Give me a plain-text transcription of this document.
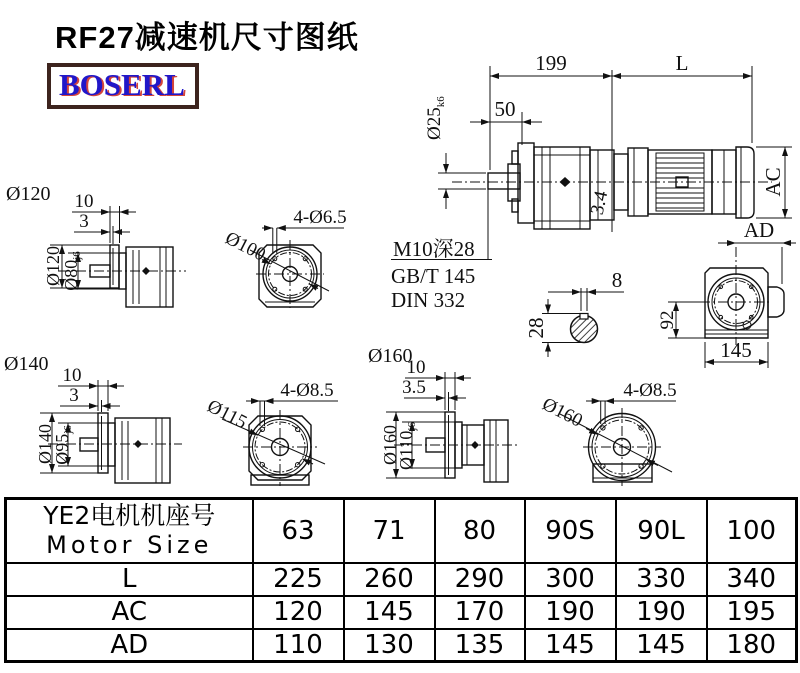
RF27减速机尺寸图纸
BOSERL
3.4
199	L
50
$Ø25_{k6}$
AC
M10深28
GB/T 145
DIN 332
8
28
AD
92
145
Ø120 10
3
Ø120
Ø80j6
4-Ø6.5
Ø100
Ø140
10
3
Ø140
Ø95j6
4-Ø8.5
Ø115
Ø160
10
3.5
Ø160
Ø110j6
4-Ø8.5
Ø160
YE2电机机座号
Motor Size	63	71	80	90S	90L	100
L	225	260	290	300	330	340
AC	120	145	170	190	190	195
AD	110	130	135	145	145	180
